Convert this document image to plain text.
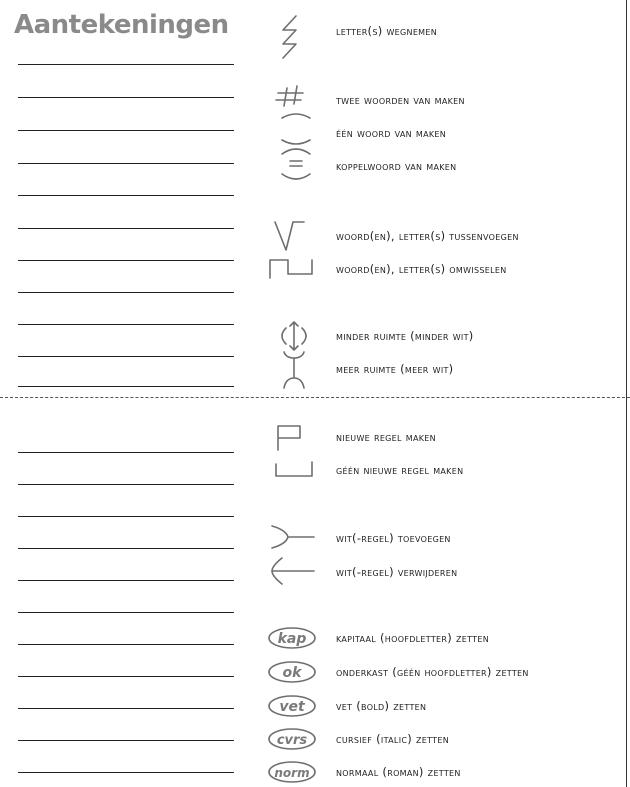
Aantekeningen	letter(s) wegnemen
twee woorden van maken
één woord van maken
koppelwoord van maken
woord(en), letter(s) tussenvoegen
woord(en), letter(s) omwisselen
minder ruimte (minder wit)
meer ruimte (meer wit)
nieuwe regel maken
géén nieuwe regel maken
wit(-regel) toevoegen
wit(-regel) verwijderen
kap	kapitaal (hoofdletter) zetten
ok	onderkast (géén hoofdletter) zetten
vet	vet (bold) zetten
cvrs	cursief (italic) zetten
norm normaal (roman) zetten
